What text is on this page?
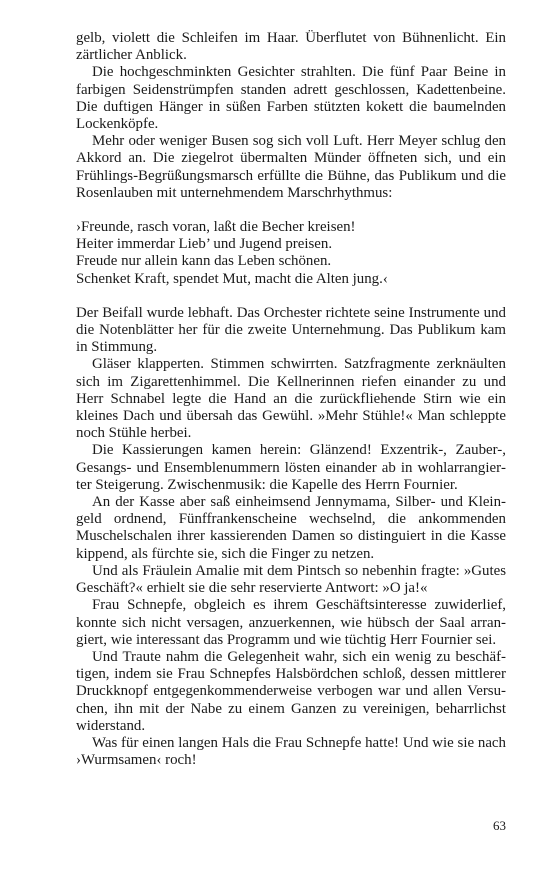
gelb, violett die Schleifen im Haar. Überflutet von Bühnenlicht. Ein zärtlicher Anblick.

Die hochgeschminkten Gesichter strahlten. Die fünf Paar Beine in farbigen Seidenstrümpfen standen adrett geschlossen, Kadettenbeine. Die duftigen Hänger in süßen Farben stützten kokett die baumelnden Lockenköpfe.

Mehr oder weniger Busen sog sich voll Luft. Herr Meyer schlug den Akkord an. Die ziegelrot übermalten Münder öffneten sich, und ein Frühlings-Begrüßungsmarsch erfüllte die Bühne, das Publikum und die Rosenlauben mit unternehmendem Marschrhythmus:

›Freunde, rasch voran, laßt die Becher kreisen!
Heiter immerdar Lieb’ und Jugend preisen.
Freude nur allein kann das Leben schönen.
Schenket Kraft, spendet Mut, macht die Alten jung.‹

Der Beifall wurde lebhaft. Das Orchester richtete seine Instrumente und die Notenblätter her für die zweite Unternehmung. Das Publikum kam in Stimmung.

Gläser klapperten. Stimmen schwirrten. Satzfragmente zerknäulten sich im Zigarettenhimmel. Die Kellnerinnen riefen einander zu und Herr Schnabel legte die Hand an die zurückfliehende Stirn wie ein kleines Dach und übersah das Gewühl. »Mehr Stühle!« Man schleppte noch Stühle herbei.

Die Kassierungen kamen herein: Glänzend! Exzentrik-, Zauber-, Gesangs- und Ensemblenummern lösten einander ab in wohlarrangierter Steigerung. Zwischenmusik: die Kapelle des Herrn Fournier.

An der Kasse aber saß einheimsend Jennymama, Silber- und Kleingeld ordnend, Fünffrankenscheine wechselnd, die ankommenden Muschelschalen ihrer kassierenden Damen so distinguiert in die Kasse kippend, als fürchte sie, sich die Finger zu netzen.

Und als Fräulein Amalie mit dem Pintsch so nebenhin fragte: »Gutes Geschäft?« erhielt sie die sehr reservierte Antwort: »O ja!«

Frau Schnepfe, obgleich es ihrem Geschäftsinteresse zuwiderlief, konnte sich nicht versagen, anzuerkennen, wie hübsch der Saal arrangiert, wie interessant das Programm und wie tüchtig Herr Fournier sei.

Und Traute nahm die Gelegenheit wahr, sich ein wenig zu beschäftigen, indem sie Frau Schnepfes Halsbördchen schloß, dessen mittlerer Druckknopf entgegenkommenderweise verbogen war und allen Versuchen, ihn mit der Nabe zu einem Ganzen zu vereinigen, beharrlichst widerstand.

Was für einen langen Hals die Frau Schnepfe hatte! Und wie sie nach ›Wurmsamen‹ roch!

63
